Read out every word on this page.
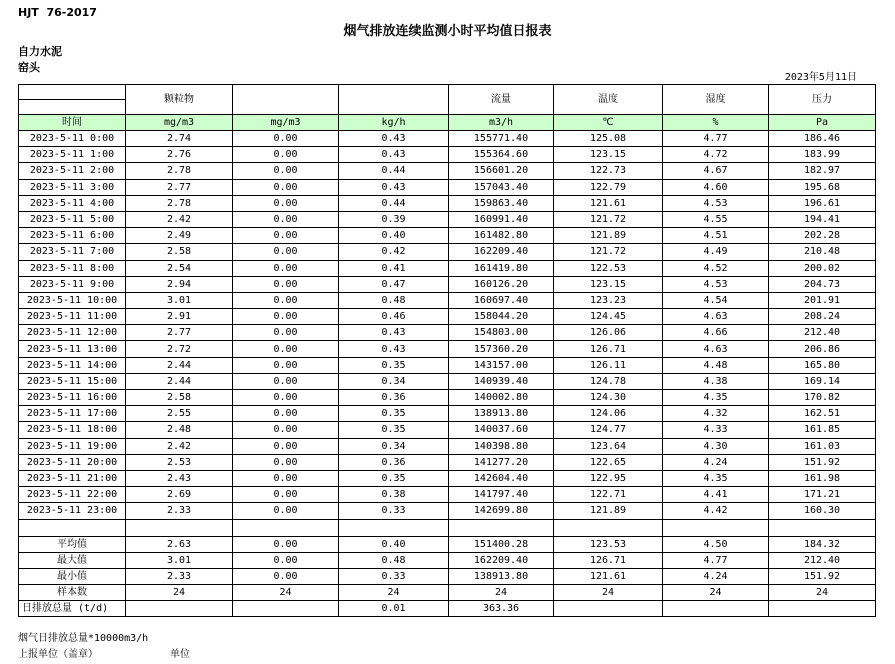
HJT  76-2017
烟气排放连续监测小时平均值日报表
自力水泥
窑头
2023年5月11日
	颗粒物			流量	温度	湿度	压力

时间	mg/m3	mg/m3	kg/h	m3/h	℃	%	Pa
2023-5-11 0:00	2.74	0.00	0.43	155771.40	125.08	4.77	186.46
2023-5-11 1:00	2.76	0.00	0.43	155364.60	123.15	4.72	183.99
2023-5-11 2:00	2.78	0.00	0.44	156601.20	122.73	4.67	182.97
2023-5-11 3:00	2.77	0.00	0.43	157043.40	122.79	4.60	195.68
2023-5-11 4:00	2.78	0.00	0.44	159863.40	121.61	4.53	196.61
2023-5-11 5:00	2.42	0.00	0.39	160991.40	121.72	4.55	194.41
2023-5-11 6:00	2.49	0.00	0.40	161482.80	121.89	4.51	202.28
2023-5-11 7:00	2.58	0.00	0.42	162209.40	121.72	4.49	210.48
2023-5-11 8:00	2.54	0.00	0.41	161419.80	122.53	4.52	200.02
2023-5-11 9:00	2.94	0.00	0.47	160126.20	123.15	4.53	204.73
2023-5-11 10:00	3.01	0.00	0.48	160697.40	123.23	4.54	201.91
2023-5-11 11:00	2.91	0.00	0.46	158044.20	124.45	4.63	208.24
2023-5-11 12:00	2.77	0.00	0.43	154803.00	126.06	4.66	212.40
2023-5-11 13:00	2.72	0.00	0.43	157360.20	126.71	4.63	206.86
2023-5-11 14:00	2.44	0.00	0.35	143157.00	126.11	4.48	165.80
2023-5-11 15:00	2.44	0.00	0.34	140939.40	124.78	4.38	169.14
2023-5-11 16:00	2.58	0.00	0.36	140002.80	124.30	4.35	170.82
2023-5-11 17:00	2.55	0.00	0.35	138913.80	124.06	4.32	162.51
2023-5-11 18:00	2.48	0.00	0.35	140037.60	124.77	4.33	161.85
2023-5-11 19:00	2.42	0.00	0.34	140398.80	123.64	4.30	161.03
2023-5-11 20:00	2.53	0.00	0.36	141277.20	122.65	4.24	151.92
2023-5-11 21:00	2.43	0.00	0.35	142604.40	122.95	4.35	161.98
2023-5-11 22:00	2.69	0.00	0.38	141797.40	122.71	4.41	171.21
2023-5-11 23:00	2.33	0.00	0.33	142699.80	121.89	4.42	160.30

平均值	2.63	0.00	0.40	151400.28	123.53	4.50	184.32
最大值	3.01	0.00	0.48	162209.40	126.71	4.77	212.40
最小值	2.33	0.00	0.33	138913.80	121.61	4.24	151.92
样本数	24	24	24	24	24	24	24
日排放总量 (t/d)			0.01	363.36			
烟气日排放总量*10000m3/h
上报单位（盖章）	单位
